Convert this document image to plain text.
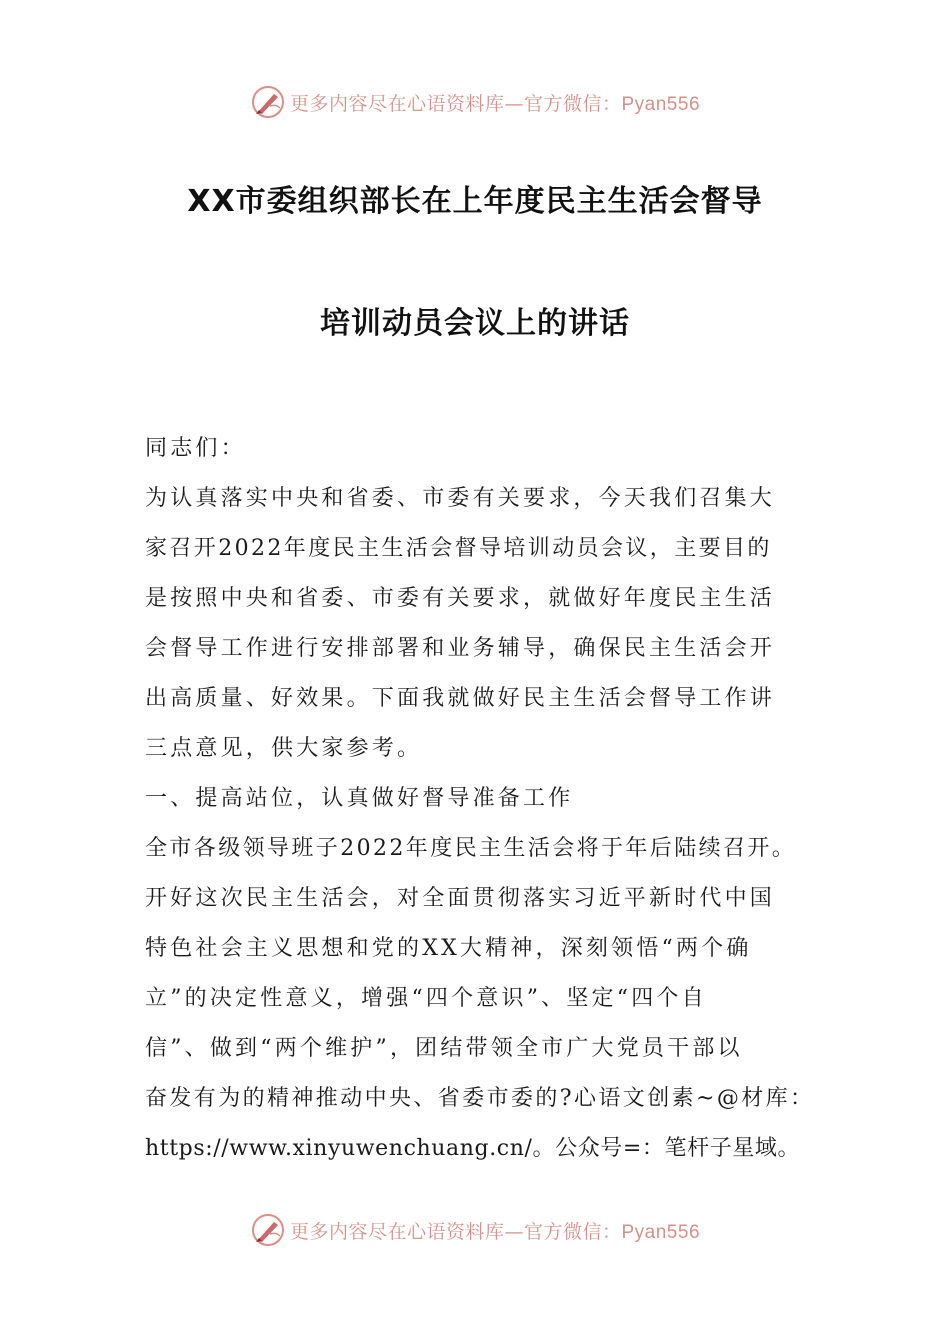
更多内容尽在心语资料库—官方微信：Pyan556
XX市委组织部长在上年度民主生活会督导
培训动员会议上的讲话
同志们：
为认真落实中央和省委、市委有关要求，今天我们召集大
家召开2022年度民主生活会督导培训动员会议，主要目的
是按照中央和省委、市委有关要求，就做好年度民主生活
会督导工作进行安排部署和业务辅导，确保民主生活会开
出高质量、好效果。下面我就做好民主生活会督导工作讲
三点意见，供大家参考。
一、提高站位，认真做好督导准备工作
全市各级领导班子2022年度民主生活会将于年后陆续召开。
开好这次民主生活会，对全面贯彻落实习近平新时代中国
特色社会主义思想和党的XX大精神，深刻领悟“两个确
立”的决定性意义，增强“四个意识”、坚定“四个自
信”、做到“两个维护”，团结带领全市广大党员干部以
奋发有为的精神推动中央、省委市委的?心语文创素~@材库：
https://www.xinyuwenchuang.cn/。公众号=：笔杆子星域。
更多内容尽在心语资料库—官方微信：Pyan556
